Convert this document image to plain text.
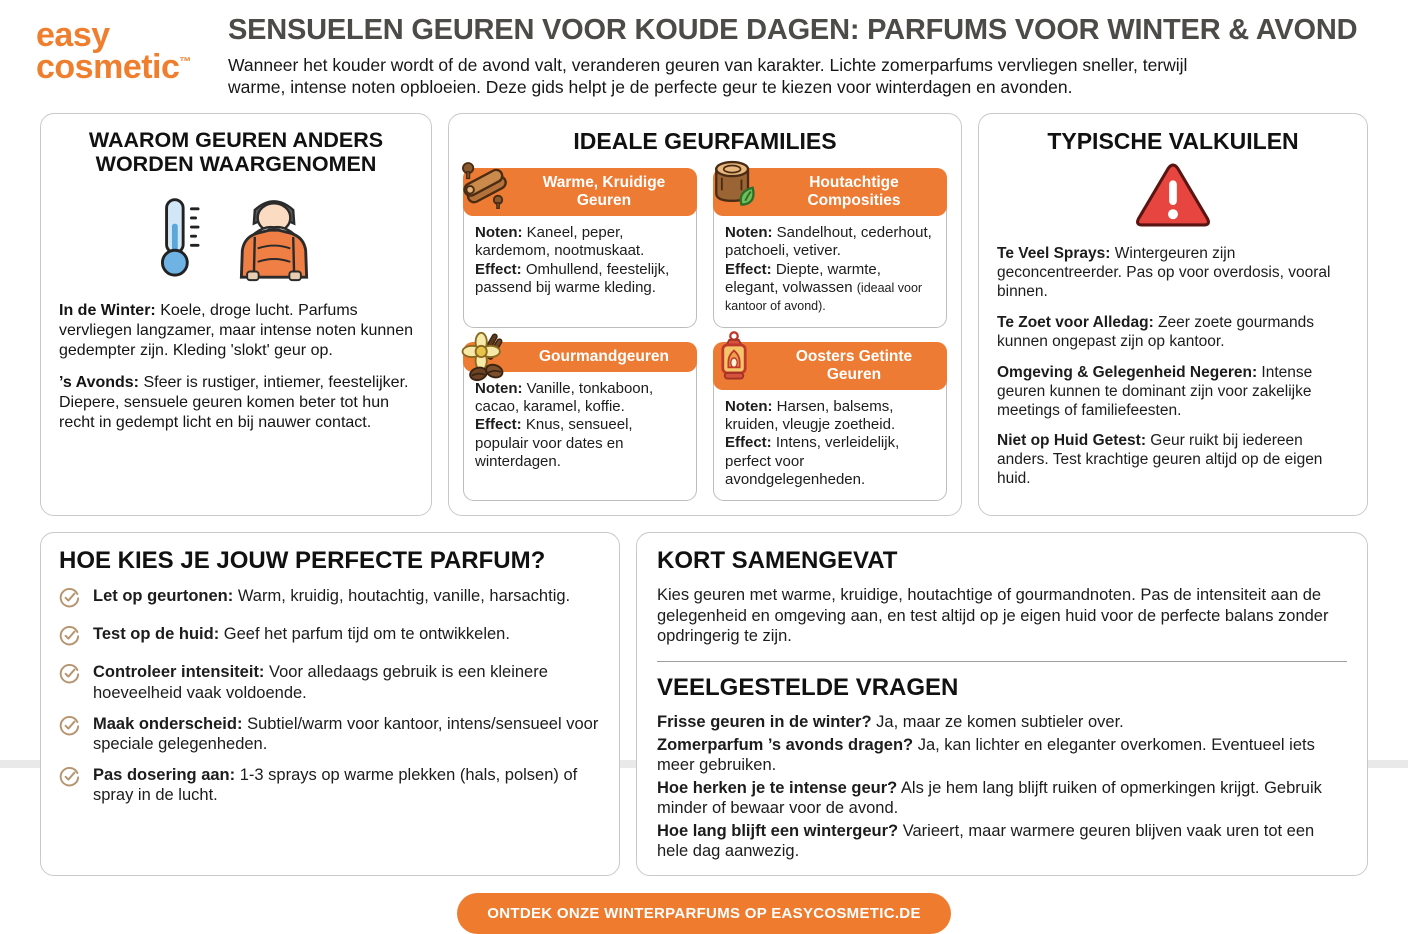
easy
cosmetic™
SENSUELEN GEUREN VOOR KOUDE DAGEN: PARFUMS VOOR WINTER & AVOND
Wanneer het kouder wordt of de avond valt, veranderen geuren van karakter. Lichte zomerparfums vervliegen sneller, terwijl warme, intense noten opbloeien. Deze gids helpt je de perfecte geur te kiezen voor winterdagen en avonden.
WAAROM GEUREN ANDERS
WORDEN WAARGENOMEN

In de Winter: Koele, droge lucht. Parfums vervliegen langzamer, maar intense noten kunnen gedempter zijn. Kleding 'slokt' geur op.

’s Avonds: Sfeer is rustiger, intiemer, feestelijker. Diepere, sensuele geuren komen beter tot hun recht in gedempt licht en bij nauwer contact.

IDEALE GEURFAMILIES
Warme, Kruidige Geuren
Noten: Kaneel, peper, kardemom, nootmuskaat.
Effect: Omhullend, feestelijk, passend bij warme kleding.
Houtachtige Composities
Noten: Sandelhout, cederhout, patchoeli, vetiver.
Effect: Diepte, warmte, elegant, volwassen (ideaal voor kantoor of avond).
Gourmandgeuren
Noten: Vanille, tonkaboon, cacao, karamel, koffie.
Effect: Knus, sensueel, populair voor dates en winterdagen.
Oosters Getinte Geuren
Noten: Harsen, balsems, kruiden, vleugje zoetheid.
Effect: Intens, verleidelijk, perfect voor avondgelegenheden.
TYPISCHE VALKUILEN

Te Veel Sprays: Wintergeuren zijn geconcentreerder. Pas op voor overdosis, vooral binnen.

Te Zoet voor Alledag: Zeer zoete gourmands kunnen ongepast zijn op kantoor.

Omgeving & Gelegenheid Negeren: Intense geuren kunnen te dominant zijn voor zakelijke meetings of familiefeesten.

Niet op Huid Getest: Geur ruikt bij iedereen anders. Test krachtige geuren altijd op de eigen huid.

HOE KIES JE JOUW PERFECTE PARFUM?
Let op geurtonen: Warm, kruidig, houtachtig, vanille, harsachtig.
Test op de huid: Geef het parfum tijd om te ontwikkelen.
Controleer intensiteit: Voor alledaags gebruik is een kleinere hoeveelheid vaak voldoende.
Maak onderscheid: Subtiel/warm voor kantoor, intens/sensueel voor speciale gelegenheden.
Pas dosering aan: 1-3 sprays op warme plekken (hals, polsen) of spray in de lucht.
KORT SAMENGEVAT

Kies geuren met warme, kruidige, houtachtige of gourmandnoten. Pas de intensiteit aan de gelegenheid en omgeving aan, en test altijd op je eigen huid voor de perfecte balans zonder opdringerig te zijn.

VEELGESTELDE VRAGEN

Frisse geuren in de winter? Ja, maar ze komen subtieler over.

Zomerparfum ’s avonds dragen? Ja, kan lichter en eleganter overkomen. Eventueel iets meer gebruiken.

Hoe herken je te intense geur? Als je hem lang blijft ruiken of opmerkingen krijgt. Gebruik minder of bewaar voor de avond.

Hoe lang blijft een wintergeur? Varieert, maar warmere geuren blijven vaak uren tot een hele dag aanwezig.

ONTDEK ONZE WINTERPARFUMS OP EASYCOSMETIC.DE
